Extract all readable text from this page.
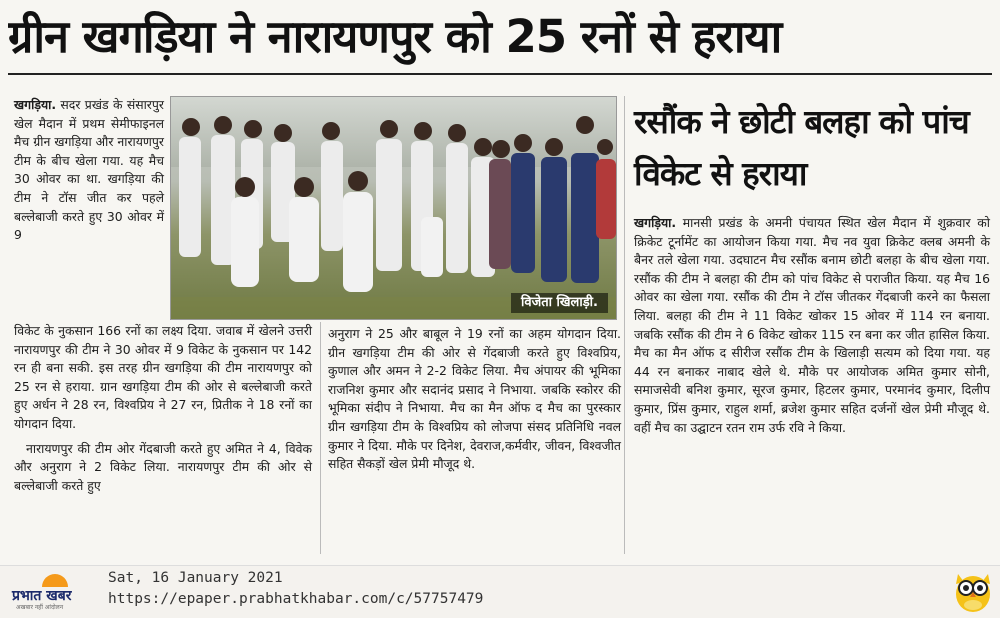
ग्रीन खगड़िया ने नारायणपुर को 25 रनों से हराया

खगड़िया. सदर प्रखंड के संसारपुर खेल मैदान में प्रथम सेमीफाइनल मैच ग्रीन खगड़िया और नारायणपुर टीम के बीच खेला गया. यह मैच 30 ओवर का था. खगड़िया की टीम ने टॉस जीत कर पहले बल्लेबाजी करते हुए 30 ओवर में 9

विजेता खिलाड़ी.

विकेट के नुकसान 166 रनों का लक्ष्य दिया. जवाब में खेलने उत्तरी नारायणपुर की टीम ने 30 ओवर में 9 विकेट के नुकसान पर 142 रन ही बना सकी. इस तरह ग्रीन खगड़िया की टीम नारायणपुर को 25 रन से हराया. ग्रान खगड़िया टीम की ओर से बल्लेबाजी करते हुए अर्धन ने 28 रन, विश्वप्रिय ने 27 रन, प्रितीक ने 18 रनों का योगदान दिया.

नारायणपुर की टीम ओर गेंदबाजी करते हुए अमित ने 4, विवेक और अनुराग ने 2 विकेट लिया. नारायणपुर टीम की ओर से बल्लेबाजी करते हुए

अनुराग ने 25 और बाबूल ने 19 रनों का अहम योगदान दिया. ग्रीन खगड़िया टीम की ओर से गेंदबाजी करते हुए विश्वप्रिय, कुणाल और अमन ने 2-2 विकेट लिया. मैच अंपायर की भूमिका राजनिश कुमार और सदानंद प्रसाद ने निभाया. जबकि स्कोरर की भूमिका संदीप ने निभाया. मैच का मैन ऑफ द मैच का पुरस्कार ग्रीन खगड़िया टीम के विश्वप्रिय को लोजपा संसद प्रतिनिधि नवल कुमार ने दिया. मौके पर दिनेश, देवराज,कर्मवीर, जीवन, विश्वजीत सहित सैकड़ों खेल प्रेमी मौजूद थे.

रसौंक ने छोटी बलहा को पांच विकेट से हराया

खगड़िया. मानसी प्रखंड के अमनी पंचायत स्थित खेल मैदान में शुक्रवार को क्रिकेट टूर्नामेंट का आयोजन किया गया. मैच नव युवा क्रिकेट क्लब अमनी के बैनर तले खेला गया. उदघाटन मैच रसौंक बनाम छोटी बलहा के बीच खेला गया. रसौंक की टीम ने बलहा की टीम को पांच विकेट से पराजीत किया. यह मैच 16 ओवर का खेला गया. रसौंक की टीम ने टॉस जीतकर गेंदबाजी करने का फैसला लिया. बलहा की टीम ने 11 विकेट खोकर 15 ओवर में 114 रन बनाया. जबकि रसौंक की टीम ने 6 विकेट खोकर 115 रन बना कर जीत हासिल किया. मैच का मैन ऑफ द सीरीज रसौंक टीम के खिलाड़ी सत्यम को दिया गया. यह 44 रन बनाकर नाबाद खेले थे. मौके पर आयोजक अमित कुमार सोनी, समाजसेवी बनिश कुमार, सूरज कुमार, हिटलर कुमार, परमानंद कुमार, दिलीप कुमार, प्रिंस कुमार, राहुल शर्मा, ब्रजेश कुमार सहित दर्जनों खेल प्रेमी मौजूद थे. वहीं मैच का उद्घाटन रतन राम उर्फ रवि ने किया.

प्रभात खबर
अखबार नहीं आंदोलन
Sat, 16 January 2021
https://epaper.prabhatkhabar.com/c/57757479
